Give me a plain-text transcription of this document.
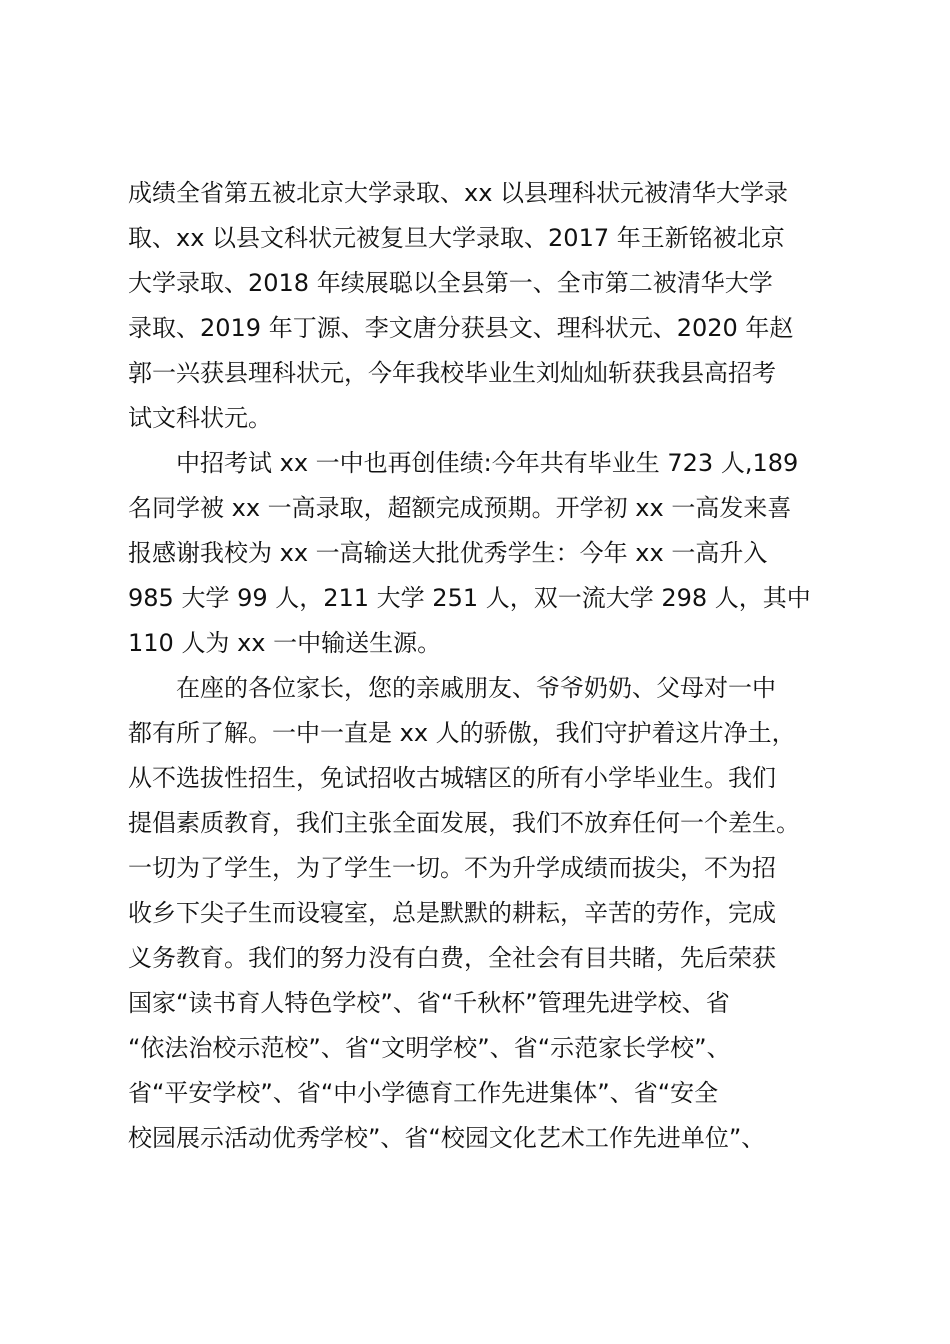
成绩全省第五被北京大学录取、xx 以县理科状元被清华大学录
取、xx 以县文科状元被复旦大学录取、2017 年王新铭被北京
大学录取、2018 年续展聪以全县第一、全市第二被清华大学
录取、2019 年丁源、李文唐分获县文、理科状元、2020 年赵
郭一兴获县理科状元，今年我校毕业生刘灿灿斩获我县高招考
试文科状元。
　　中招考试 xx 一中也再创佳绩:今年共有毕业生 723 人,189
名同学被 xx 一高录取，超额完成预期。开学初 xx 一高发来喜
报感谢我校为 xx 一高输送大批优秀学生：今年 xx 一高升入
985 大学 99 人，211 大学 251 人，双一流大学 298 人，其中
110 人为 xx 一中输送生源。
　　在座的各位家长，您的亲戚朋友、爷爷奶奶、父母对一中
都有所了解。一中一直是 xx 人的骄傲，我们守护着这片净土，
从不选拔性招生，免试招收古城辖区的所有小学毕业生。我们
提倡素质教育，我们主张全面发展，我们不放弃任何一个差生。
一切为了学生，为了学生一切。不为升学成绩而拔尖，不为招
收乡下尖子生而设寝室，总是默默的耕耘，辛苦的劳作，完成
义务教育。我们的努力没有白费，全社会有目共睹，先后荣获
国家“读书育人特色学校”、省“千秋杯”管理先进学校、省
“依法治校示范校”、省“文明学校”、省“示范家长学校”、
省“平安学校”、省“中小学德育工作先进集体”、省“安全
校园展示活动优秀学校”、省“校园文化艺术工作先进单位”、
